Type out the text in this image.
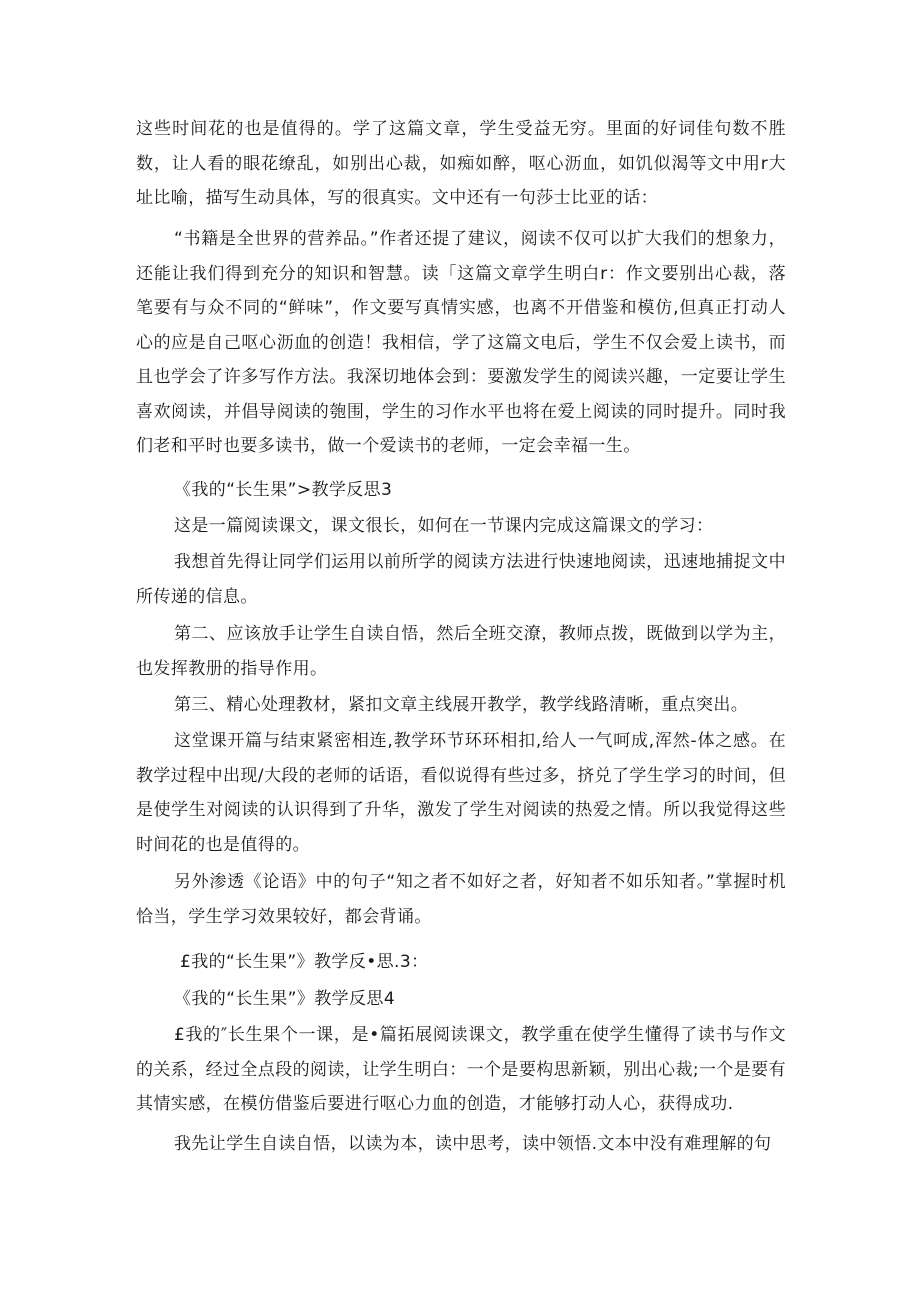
这些时间花的也是值得的。学了这篇文章，学生受益无穷。里面的好词佳句数不胜数，让人看的眼花缭乱，如别出心裁，如痴如醉，呕心沥血，如饥似渴等文中用r大址比喻，描写生动具体，写的很真实。文中还有一句莎士比亚的话：

“书籍是全世界的营养品。”作者还提了建议，阅读不仅可以扩大我们的想象力，还能让我们得到充分的知识和智慧。读「这篇文章学生明白r：作文要别出心裁，落笔要有与众不同的“鲜味”，作文要写真情实感，也离不开借鉴和模仿,但真正打动人心的应是自己呕心沥血的创造！我相信，学了这篇文电后，学生不仅会爱上读书，而且也学会了许多写作方法。我深切地体会到：要激发学生的阅读兴趣，一定要让学生喜欢阅读，并倡导阅读的匏围，学生的习作水平也将在爱上阅读的同时提升。同时我们老和平时也要多读书，做一个爱读书的老师，一定会幸福一生。

《我的“长生果”>教学反思3

这是一篇阅读课文，课文很长，如何在一节课内完成这篇课文的学习：

我想首先得让同学们运用以前所学的阅读方法进行快速地阅读，迅速地捕捉文中所传递的信息。

第二、应该放手让学生自读自悟，然后全班交潦，教师点拨，既做到以学为主，也发挥教册的指导作用。

第三、精心处理教材，紧扣文章主线展开教学，教学线路清晰，重点突出。

这堂课开篇与结束紧密相连,教学环节环环相扣,给人一气呵成,浑然-体之感。在教学过程中出现/大段的老师的话语，看似说得有些过多，挤兑了学生学习的时间，但是使学生对阅读的认识得到了升华，激发了学生对阅读的热爱之情。所以我觉得这些时间花的也是值得的。

另外渗透《论语》中的句子“知之者不如好之者，好知者不如乐知者。”掌握时机恰当，学生学习效果较好，都会背诵。

£我的“长生果”》教学反•思.3：

《我的“长生果”》教学反思4

£我的″长生果个一课，是•篇拓展阅读课文，教学重在使学生懂得了读书与作文的关系，经过全点段的阅读，让学生明白：一个是要构思新颖，别出心裁;一个是要有其情实感，在模仿借鉴后要进行呕心力血的创造，才能够打动人心，获得成功.

我先让学生自读自悟，以读为本，读中思考，读中领悟.文本中没有难理解的句
